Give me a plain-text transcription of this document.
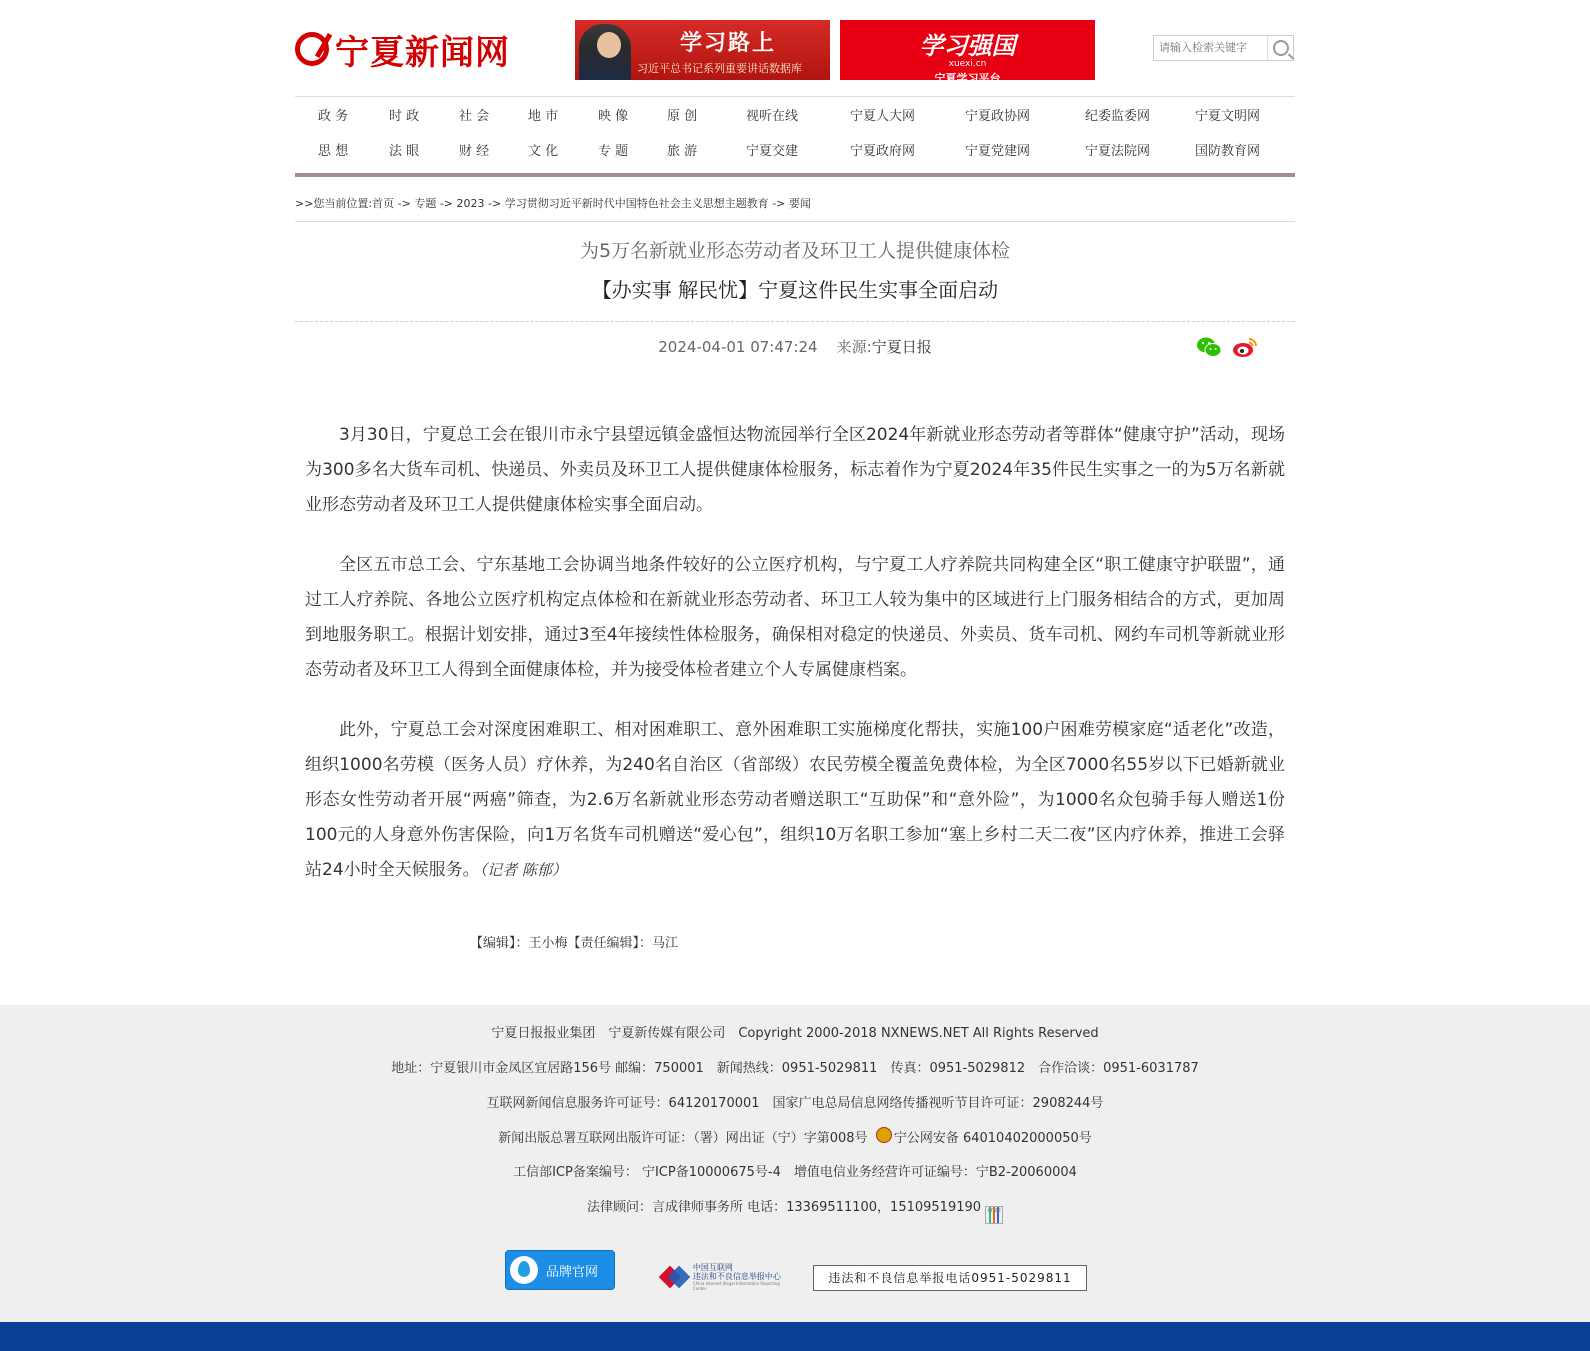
宁夏新闻网	学习路上
习近平总书记系列重要讲话数据库
学习强国
xuexi.cn
宁夏学习平台
请输入检索关键字
政 务	时 政	社 会	地 市	映 像	原 创	视听在线	宁夏人大网	宁夏政协网	纪委监委网	宁夏文明网
思 想	法 眼	财 经	文 化	专 题	旅 游	宁夏交建	宁夏政府网	宁夏党建网	宁夏法院网	国防教育网
>>您当前位置:首页 -> 专题 -> 2023 -> 学习贯彻习近平新时代中国特色社会主义思想主题教育 -> 要闻
为5万名新就业形态劳动者及环卫工人提供健康体检
【办实事 解民忧】宁夏这件民生实事全面启动
2024-04-01 07:47:24 来源:宁夏日报

3月30日，宁夏总工会在银川市永宁县望远镇金盛恒达物流园举行全区2024年新就业形态劳动者等群体“健康守护”活动，现场为300多名大货车司机、快递员、外卖员及环卫工人提供健康体检服务，标志着作为宁夏2024年35件民生实事之一的为5万名新就业形态劳动者及环卫工人提供健康体检实事全面启动。

全区五市总工会、宁东基地工会协调当地条件较好的公立医疗机构，与宁夏工人疗养院共同构建全区“职工健康守护联盟”，通过工人疗养院、各地公立医疗机构定点体检和在新就业形态劳动者、环卫工人较为集中的区域进行上门服务相结合的方式，更加周到地服务职工。根据计划安排，通过3至4年接续性体检服务，确保相对稳定的快递员、外卖员、货车司机、网约车司机等新就业形态劳动者及环卫工人得到全面健康体检，并为接受体检者建立个人专属健康档案。

此外，宁夏总工会对深度困难职工、相对困难职工、意外困难职工实施梯度化帮扶，实施100户困难劳模家庭“适老化”改造，组织1000名劳模（医务人员）疗休养，为240名自治区（省部级）农民劳模全覆盖免费体检，为全区7000名55岁以下已婚新就业形态女性劳动者开展“两癌”筛查，为2.6万名新就业形态劳动者赠送职工“互助保”和“意外险”，为1000名众包骑手每人赠送1份100元的人身意外伤害保险，向1万名货车司机赠送“爱心包”，组织10万名职工参加“塞上乡村二天二夜”区内疗休养，推进工会驿站24小时全天候服务。（记者 陈郁）

【编辑】：王小梅【责任编辑】：马江
宁夏日报报业集团　宁夏新传媒有限公司　Copyright 2000-2018 NXNEWS.NET All Rights Reserved
地址：宁夏银川市金凤区宜居路156号 邮编：750001　新闻热线：0951-5029811　传真：0951-5029812　合作洽谈：0951-6031787
互联网新闻信息服务许可证号：64120170001　国家广电总局信息网络传播视听节目许可证：2908244号
新闻出版总署互联网出版许可证：（署）网出证（宁）字第008号 宁公网安备 64010402000050号
工信部ICP备案编号： 宁ICP备10000675号-4　增值电信业务经营许可证编号：宁B2-20060004
法律顾问：言成律师事务所 电话：13369511100，15109519190 cnzz
品牌官网	中国互联网
违法和不良信息举报中心
China Internet Illegal Information Reporting Center
违法和不良信息举报电话0951-5029811
